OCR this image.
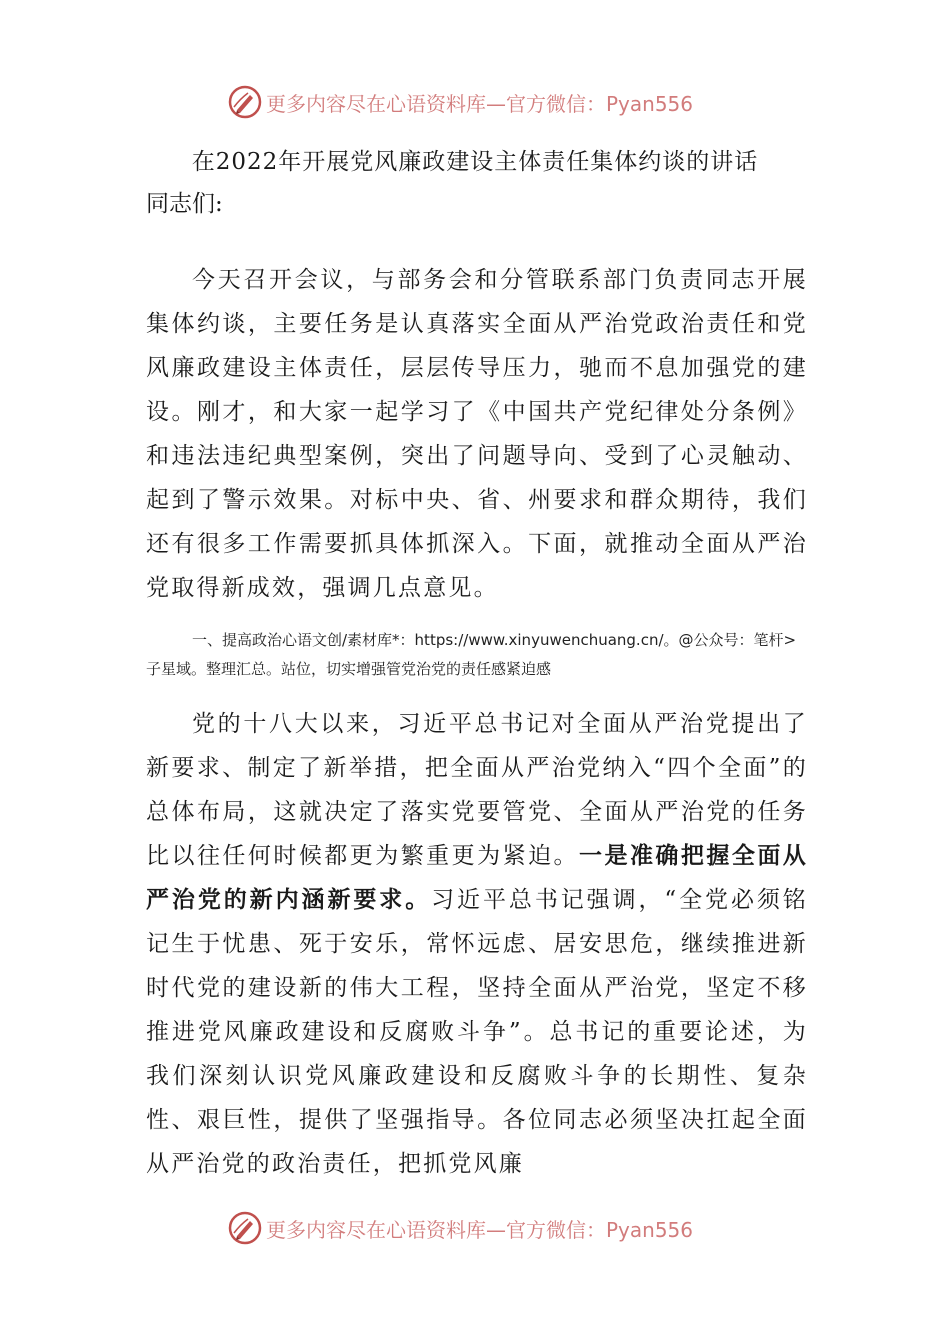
更多内容尽在心语资料库—官方微信：Pyan556
在2022年开展党风廉政建设主体责任集体约谈的讲话
同志们:

今天召开会议，与部务会和分管联系部门负责同志开展集体约谈，主要任务是认真落实全面从严治党政治责任和党风廉政建设主体责任，层层传导压力，驰而不息加强党的建设。刚才，和大家一起学习了《中国共产党纪律处分条例》和违法违纪典型案例，突出了问题导向、受到了心灵触动、起到了警示效果。对标中央、省、州要求和群众期待，我们还有很多工作需要抓具体抓深入。下面，就推动全面从严治党取得新成效，强调几点意见。

一、提高政治心语文创/素材库*：https://www.xinyuwenchuang.cn/。@公众号：笔杆>子星域。整理汇总。站位，切实增强管党治党的责任感紧迫感

党的十八大以来，习近平总书记对全面从严治党提出了新要求、制定了新举措，把全面从严治党纳入“四个全面”的总体布局，这就决定了落实党要管党、全面从严治党的任务比以往任何时候都更为繁重更为紧迫。一是准确把握全面从严治党的新内涵新要求。习近平总书记强调，“全党必须铭记生于忧患、死于安乐，常怀远虑、居安思危，继续推进新时代党的建设新的伟大工程，坚持全面从严治党，坚定不移推进党风廉政建设和反腐败斗争”。总书记的重要论述，为我们深刻认识党风廉政建设和反腐败斗争的长期性、复杂性、艰巨性，提供了坚强指导。各位同志必须坚决扛起全面从严治党的政治责任，把抓党风廉

更多内容尽在心语资料库—官方微信：Pyan556
